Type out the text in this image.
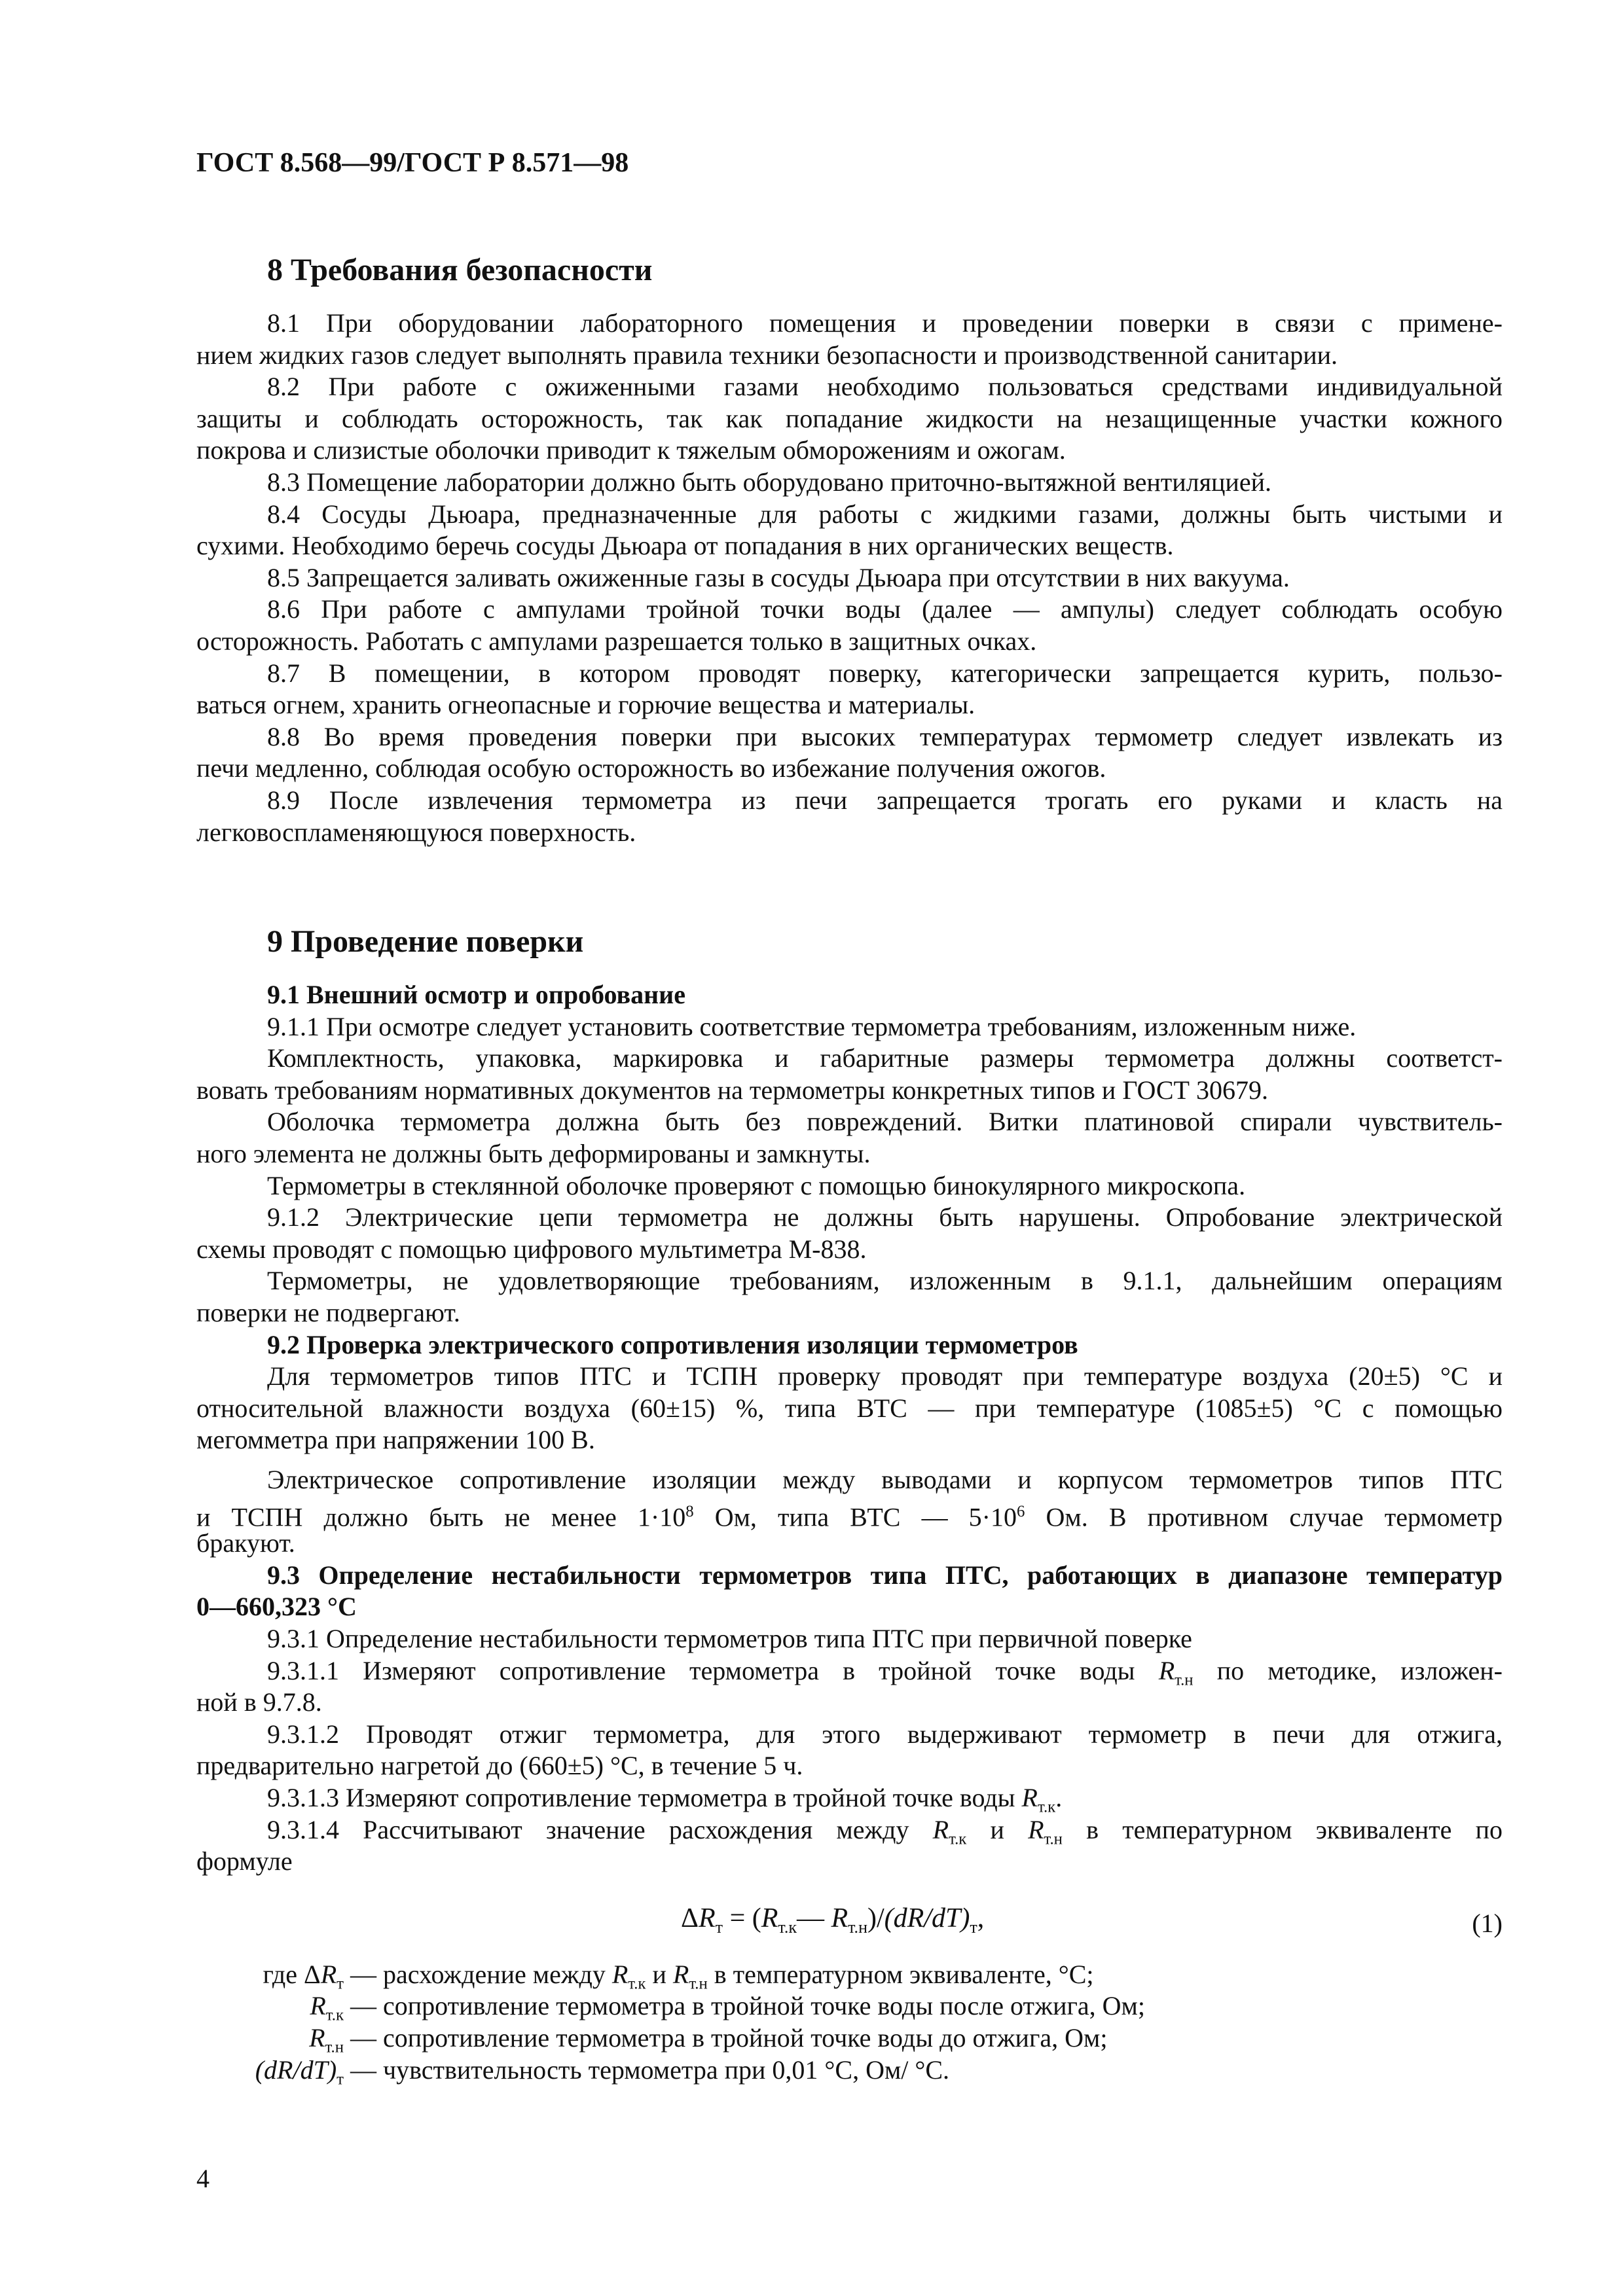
ГОСТ 8.568—99/ГОСТ Р 8.571—98

8 Требования безопасности

8.1 При оборудовании лабораторного помещения и проведении поверки в связи с примене-

нием жидких газов следует выполнять правила техники безопасности и производственной санитарии.

8.2 При работе с ожиженными газами необходимо пользоваться средствами индивидуальной

защиты и соблюдать осторожность, так как попадание жидкости на незащищенные участки кожного

покрова и слизистые оболочки приводит к тяжелым обморожениям и ожогам.

8.3 Помещение лаборатории должно быть оборудовано приточно-вытяжной вентиляцией.

8.4 Сосуды Дьюара, предназначенные для работы с жидкими газами, должны быть чистыми и

сухими. Необходимо беречь сосуды Дьюара от попадания в них органических веществ.

8.5 Запрещается заливать ожиженные газы в сосуды Дьюара при отсутствии в них вакуума.

8.6 При работе с ампулами тройной точки воды (далее — ампулы) следует соблюдать особую

осторожность. Работать с ампулами разрешается только в защитных очках.

8.7 В помещении, в котором проводят поверку, категорически запрещается курить, пользо-

ваться огнем, хранить огнеопасные и горючие вещества и материалы.

8.8 Во время проведения поверки при высоких температурах термометр следует извлекать из

печи медленно, соблюдая особую осторожность во избежание получения ожогов.

8.9 После извлечения термометра из печи запрещается трогать его руками и класть на

легковоспламеняющуюся поверхность.

9 Проведение поверки
9.1 Внешний осмотр и опробование

9.1.1 При осмотре следует установить соответствие термометра требованиям, изложенным ниже.

Комплектность, упаковка, маркировка и габаритные размеры термометра должны соответст-

вовать требованиям нормативных документов на термометры конкретных типов и ГОСТ 30679.

Оболочка термометра должна быть без повреждений. Витки платиновой спирали чувствитель-

ного элемента не должны быть деформированы и замкнуты.

Термометры в стеклянной оболочке проверяют с помощью бинокулярного микроскопа.

9.1.2 Электрические цепи термометра не должны быть нарушены. Опробование электрической

схемы проводят с помощью цифрового мультиметра М-838.

Термометры, не удовлетворяющие требованиям, изложенным в 9.1.1, дальнейшим операциям

поверки не подвергают.

9.2 Проверка электрического сопротивления изоляции термометров

Для термометров типов ПТС и ТСПН проверку проводят при температуре воздуха (20±5) °С и

относительной влажности воздуха (60±15) %, типа ВТС — при температуре (1085±5) °С с помощью

мегомметра при напряжении 100 В.

Электрическое сопротивление изоляции между выводами и корпусом термометров типов ПТС

и ТСПН должно быть не менее $1\cdot 10^8$ Ом, типа ВТС — $5\cdot 10^6$ Ом. В противном случае термометр

бракуют.

9.3 Определение нестабильности термометров типа ПТС, работающих в диапазоне температур

0—660,323 °С

9.3.1 Определение нестабильности термометров типа ПТС при первичной поверке

9.3.1.1 Измеряют сопротивление термометра в тройной точке воды $R_{т.н}$ по методике, изложен-

ной в 9.7.8.

9.3.1.2 Проводят отжиг термометра, для этого выдерживают термометр в печи для отжига,

предварительно нагретой до (660±5) °С, в течение 5 ч.

9.3.1.3 Измеряют сопротивление термометра в тройной точке воды $R_{т.к}$.

9.3.1.4 Рассчитывают значение расхождения между $R_{т.к}$ и $R_{т.н}$ в температурном эквиваленте по

формуле

$\Delta R_т$ = ($R_{т.к}—$ $R_{т.н})/(dR/dT)_т$,	(1)

где $\Delta R_т$ — расхождение между $R_{т.к}$ и $R_{т.н}$ в температурном эквиваленте, °С;

$R_{т.к}$ — сопротивление термометра в тройной точке воды после отжига, Ом;

$R_{т.н}$ — сопротивление термометра в тройной точке воды до отжига, Ом;

$(dR/dT)_т$ — чувствительность термометра при 0,01 °С, Ом/ °С.

4
